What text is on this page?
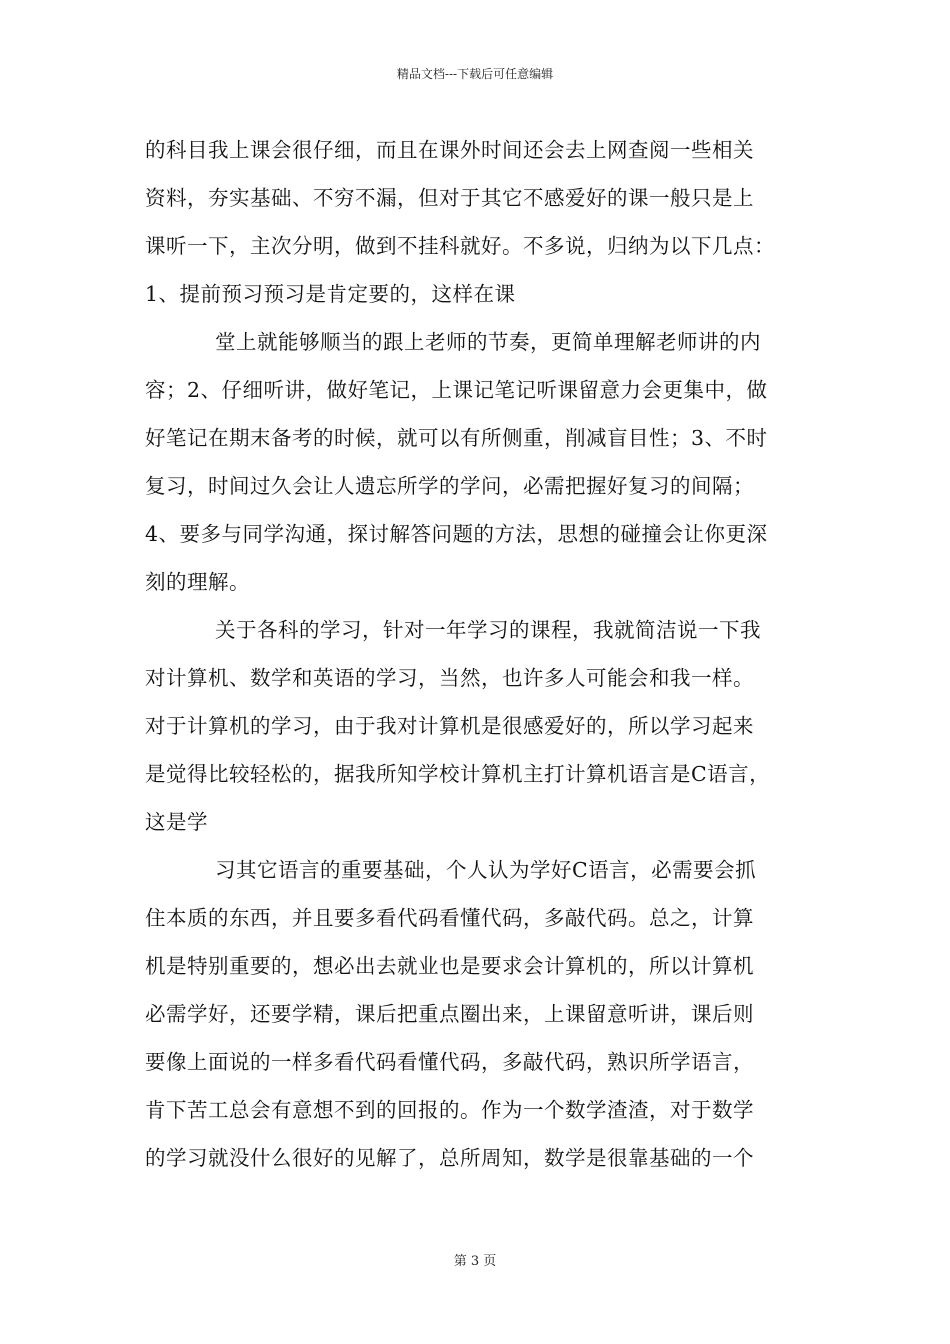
精品文档---下载后可任意编辑
的科目我上课会很仔细，而且在课外时间还会去上网查阅一些相关
资料，夯实基础、不穷不漏，但对于其它不感爱好的课一般只是上
课听一下，主次分明，做到不挂科就好。不多说，归纳为以下几点：
1、提前预习预习是肯定要的，这样在课
堂上就能够顺当的跟上老师的节奏，更简单理解老师讲的内
容；2、仔细听讲，做好笔记，上课记笔记听课留意力会更集中，做
好笔记在期末备考的时候，就可以有所侧重，削减盲目性；3、不时
复习，时间过久会让人遗忘所学的学问，必需把握好复习的间隔；
4、要多与同学沟通，探讨解答问题的方法，思想的碰撞会让你更深
刻的理解。
关于各科的学习，针对一年学习的课程，我就简洁说一下我
对计算机、数学和英语的学习，当然，也许多人可能会和我一样。
对于计算机的学习，由于我对计算机是很感爱好的，所以学习起来
是觉得比较轻松的，据我所知学校计算机主打计算机语言是C语言，
这是学
习其它语言的重要基础，个人认为学好C语言，必需要会抓
住本质的东西，并且要多看代码看懂代码，多敲代码。总之，计算
机是特别重要的，想必出去就业也是要求会计算机的，所以计算机
必需学好，还要学精，课后把重点圈出来，上课留意听讲，课后则
要像上面说的一样多看代码看懂代码，多敲代码，熟识所学语言，
肯下苦工总会有意想不到的回报的。作为一个数学渣渣，对于数学
的学习就没什么很好的见解了，总所周知，数学是很靠基础的一个
第 3 页
